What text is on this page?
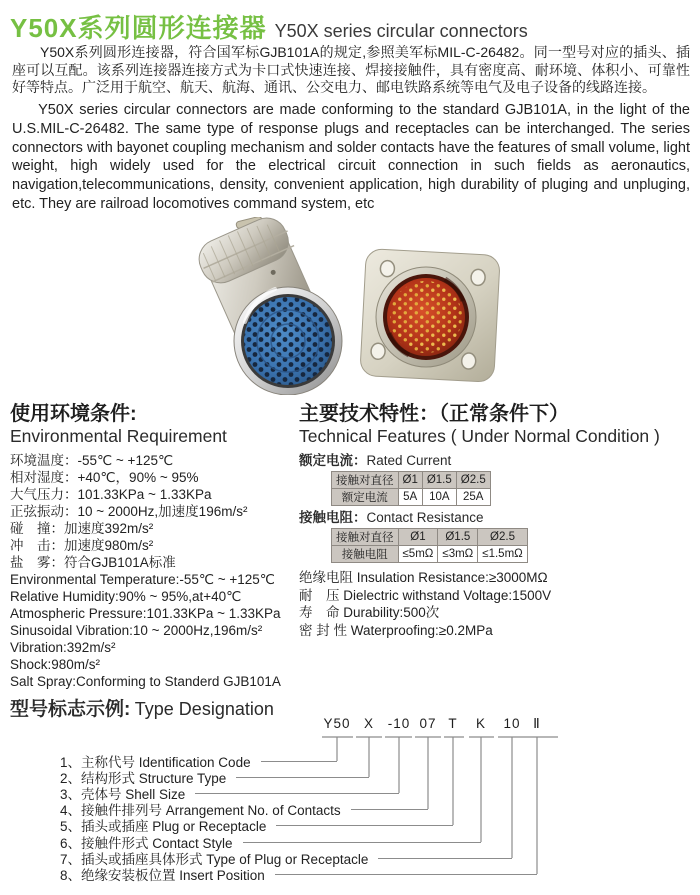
Y50X系列圆形连接器 Y50X series circular connectors

Y50X系列圆形连接器，符合国军标GJB101A的规定,参照美军标MIL-C-26482。同一型号对应的插头、插座可以互配。该系列连接器连接方式为卡口式快速连接、焊接接触件，具有密度高、耐环境、体积小、可靠性好等特点。广泛用于航空、航天、航海、通讯、公交电力、邮电铁路系统等电气及电子设备的线路连接。

Y50X series circular connectors are made conforming to the standard GJB101A, in the light of the U.S.MIL-C-26482. The same type of response plugs and receptacles can be interchanged. The series connectors with bayonet coupling mechanism and solder contacts have the features of small volume, light weight, high widely used for the electrical circuit connection in such fields as aeronautics, navigation,telecommunications, density, convenient application, high durability of pluging and unpluging, etc. They are railroad locomotives command system, etc

使用环境条件:
Environmental Requirement
环境温度：-55℃ ~ +125℃
相对湿度：+40℃，90% ~ 95%
大气压力：101.33KPa ~ 1.33KPa
正弦振动：10 ~ 2000Hz,加速度196m/s²
碰　撞：加速度392m/s²
冲　击：加速度980m/s²
盐　雾：符合GJB101A标准
Environmental Temperature:-55℃ ~ +125℃
Relative Humidity:90% ~ 95%,at+40℃
Atmospheric Pressure:101.33KPa ~ 1.33KPa
Sinusoidal Vibration:10 ~ 2000Hz,196m/s²
Vibration:392m/s²
Shock:980m/s²
Salt Spray:Conforming to Standerd GJB101A
主要技术特性：（正常条件下）
Technical Features ( Under Normal Condition )
额定电流：Rated Current
接触对直径	Ø1	Ø1.5	Ø2.5
额定电流	5A	10A	25A
接触电阻：Contact Resistance
接触对直径	Ø1	Ø1.5	Ø2.5
接触电阻	≤5mΩ	≤3mΩ	≤1.5mΩ
绝缘电阻 Insulation Resistance:≥3000MΩ
耐　压 Dielectric withstand Voltage:1500V
寿　命 Durability:500次
密 封 性 Waterproofing:≥0.2MPa
型号标志示例: Type Designation
Y50 X -10 07 T K 10 Ⅱ
1、主称代号 Identification Code
2、结构形式 Structure Type
3、壳体号 Shell Size
4、接触件排列号 Arrangement No. of Contacts
5、插头或插座 Plug or Receptacle
6、接触件形式 Contact Style
7、插头或插座具体形式 Type of Plug or Receptacle
8、绝缘安装板位置 Insert Position
